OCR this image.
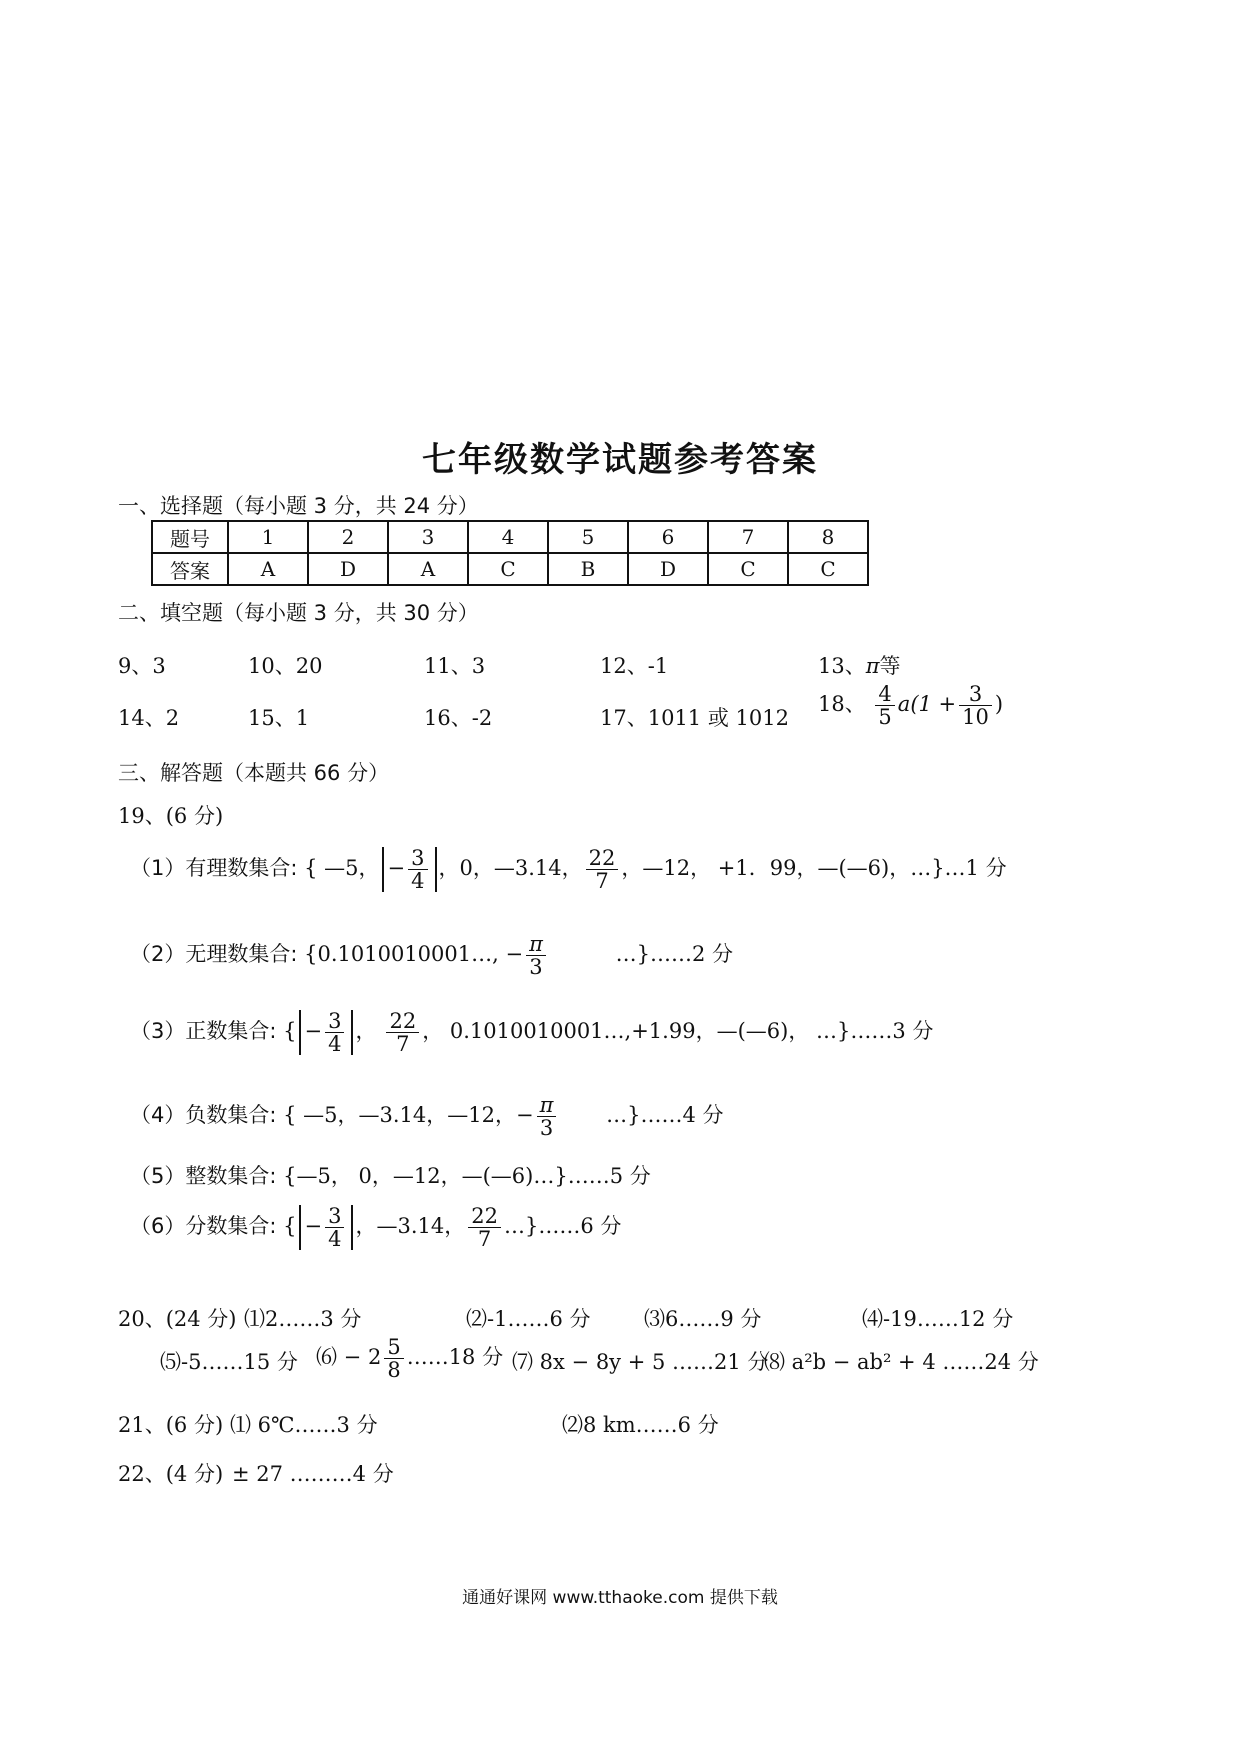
七年级数学试题参考答案
一、选择题（每小题 3 分，共 24 分）
题号	1	2	3	4	5	6	7	8
答案	A	D	A	C	B	D	C	C
二、填空题（每小题 3 分，共 30 分）
9、3	10、20	11、3	12、-1	13、π等
14、2	15、1	16、-2	17、1011 或 1012
18、 $\frac{4}{5} a(1 + \frac{3}{10}$ )
三、解答题（本题共 66 分）
19、(6 分)
（1）有理数集合: { —5， − $\frac{3}{4}$ ，0，—3.14， $\frac{22}{7}$ ，—12， +1．99，—(—6)，…}…1 分
（2）无理数集合: {0.1010010001…, − $\frac{\pi}{3}$	…}……2 分
（3）正数集合: { − $\frac{3}{4}$ ， $\frac{22}{7}$ ， 0.1010010001…,+1.99，—(—6)， …}……3 分
（4）负数集合: { —5，—3.14，—12，− $\frac{\pi}{3}$ …}……4 分
（5）整数集合: {—5， 0，—12，—(—6)…}……5 分
（6）分数集合: { − $\frac{3}{4}$ ，—3.14， $\frac{22}{7}$ …}……6 分
20、(24 分) ⑴2……3 分	⑵-1……6 分	⑶6……9 分	⑷-19……12 分
⑸-5……15 分 ⑹ − $2 \frac{5}{8}$ ……18 分 ⑺ 8x − 8y + 5 ……21 分
⑻ a²b − ab² + 4 ……24 分
21、(6 分) ⑴ 6℃……3 分	⑵8 km……6 分
22、(4 分) ± 27 ………4 分
通通好课网 www.tthaoke.com 提供下载
